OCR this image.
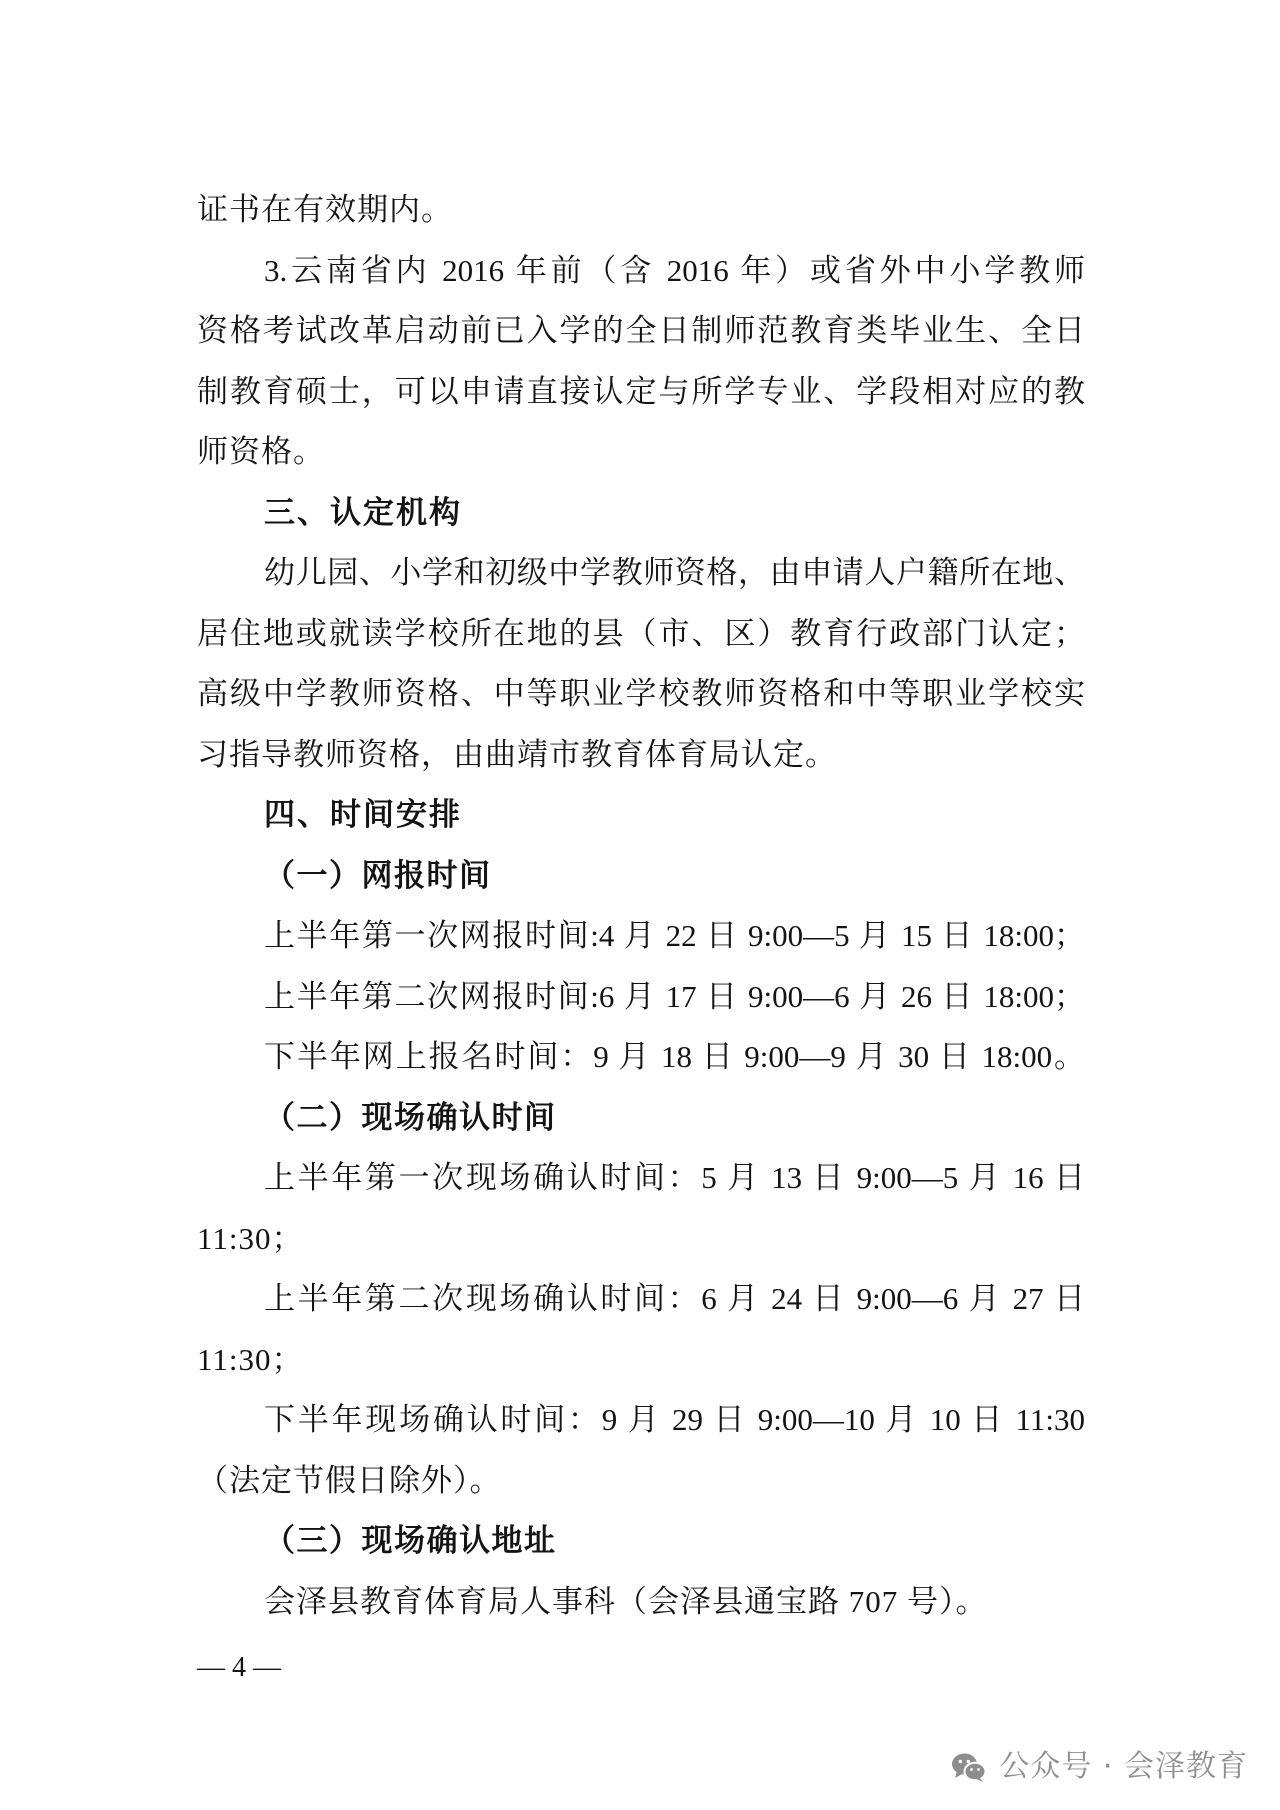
证书在有效期内。
3.云南省内 2016 年前（含 2016 年）或省外中小学教师
资格考试改革启动前已入学的全日制师范教育类毕业生、全日
制教育硕士，可以申请直接认定与所学专业、学段相对应的教
师资格。
三、认定机构
幼儿园、小学和初级中学教师资格，由申请人户籍所在地、
居住地或就读学校所在地的县（市、区）教育行政部门认定；
高级中学教师资格、中等职业学校教师资格和中等职业学校实
习指导教师资格，由曲靖市教育体育局认定。
四、时间安排
（一）网报时间
上半年第一次网报时间:4 月 22 日 9:00—5 月 15 日 18:00；
上半年第二次网报时间:6 月 17 日 9:00—6 月 26 日 18:00；
下半年网上报名时间：9 月 18 日 9:00—9 月 30 日 18:00。
（二）现场确认时间
上半年第一次现场确认时间：5 月 13 日 9:00—5 月 16 日
11:30；
上半年第二次现场确认时间：6 月 24 日 9:00—6 月 27 日
11:30；
下半年现场确认时间：9 月 29 日 9:00—10 月 10 日 11:30
（法定节假日除外）。
（三）现场确认地址
会泽县教育体育局人事科（会泽县通宝路 707 号）。
— 4 —
公众号 · 会泽教育
